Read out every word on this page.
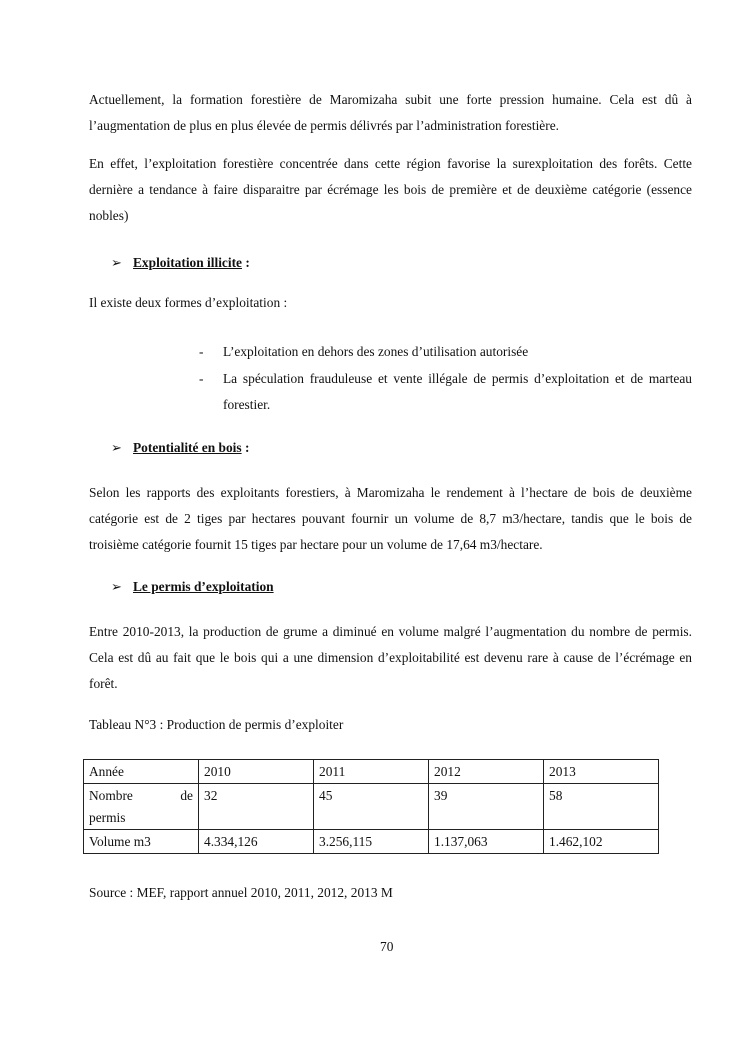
Actuellement, la formation forestière de Maromizaha subit une forte pression humaine. Cela est dû à l’augmentation de plus en plus élevée de permis délivrés par l’administration forestière.

En effet, l’exploitation forestière concentrée dans cette région favorise la surexploitation des forêts. Cette dernière a tendance à faire disparaitre par écrémage les bois de première et de deuxième catégorie (essence nobles)

➢ Exploitation illicite :

Il existe deux formes d’exploitation :

- L’exploitation en dehors des zones d’utilisation autorisée
- La spéculation frauduleuse et vente illégale de permis d’exploitation et de marteau forestier.
➢ Potentialité en bois :

Selon les rapports des exploitants forestiers, à Maromizaha le rendement à l’hectare de bois de deuxième catégorie est de 2 tiges par hectares pouvant fournir un volume de 8,7 m3/hectare, tandis que le bois de troisième catégorie fournit 15 tiges par hectare pour un volume de 17,64 m3/hectare.

➢ Le permis d’exploitation

Entre 2010-2013, la production de grume a diminué en volume malgré l’augmentation du nombre de permis. Cela est dû au fait que le bois qui a une dimension d’exploitabilité est devenu rare à cause de l’écrémage en forêt.

Tableau N°3 : Production de permis d’exploiter

Année	2010	2011	2012	2013
Nombre de
permis	32	45	39	58
Volume m3	4.334,126	3.256,115	1.137,063	1.462,102

Source : MEF, rapport annuel 2010, 2011, 2012, 2013 M

70
